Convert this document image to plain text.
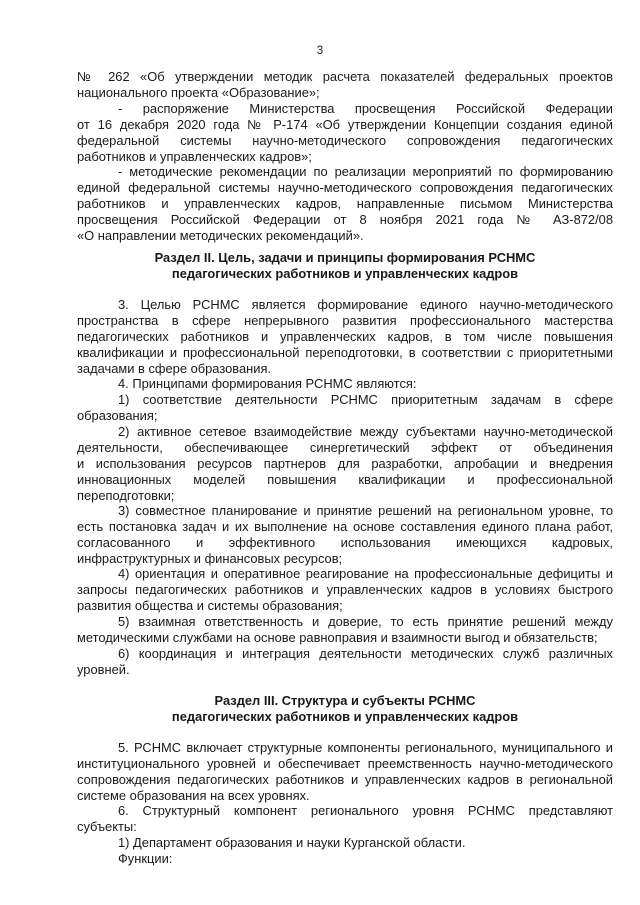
3
№ 262 «Об утверждении методик расчета показателей федеральных проектов
национального проекта «Образование»;
- распоряжение Министерства просвещения Российской Федерации
от 16 декабря 2020 года № Р-174 «Об утверждении Концепции создания единой
федеральной системы научно-методического сопровождения педагогических
работников и управленческих кадров»;
- методические рекомендации по реализации мероприятий по формированию
единой федеральной системы научно-методического сопровождения педагогических
работников и управленческих кадров, направленные письмом Министерства
просвещения Российской Федерации от 8 ноября 2021 года № АЗ-872/08
«О направлении методических рекомендаций».
Раздел II. Цель, задачи и принципы формирования РСНМС
педагогических работников и управленческих кадров
3. Целью РСНМС является формирование единого научно-методического
пространства в сфере непрерывного развития профессионального мастерства
педагогических работников и управленческих кадров, в том числе повышения
квалификации и профессиональной переподготовки, в соответствии с приоритетными
задачами в сфере образования.
4. Принципами формирования РСНМС являются:
1) соответствие деятельности РСНМС приоритетным задачам в сфере
образования;
2) активное сетевое взаимодействие между субъектами научно-методической
деятельности, обеспечивающее синергетический эффект от объединения
и использования ресурсов партнеров для разработки, апробации и внедрения
инновационных моделей повышения квалификации и профессиональной
переподготовки;
3) совместное планирование и принятие решений на региональном уровне, то
есть постановка задач и их выполнение на основе составления единого плана работ,
согласованного и эффективного использования имеющихся кадровых,
инфраструктурных и финансовых ресурсов;
4) ориентация и оперативное реагирование на профессиональные дефициты и
запросы педагогических работников и управленческих кадров в условиях быстрого
развития общества и системы образования;
5) взаимная ответственность и доверие, то есть принятие решений между
методическими службами на основе равноправия и взаимности выгод и обязательств;
6) координация и интеграция деятельности методических служб различных
уровней.
Раздел III. Структура и субъекты РСНМС
педагогических работников и управленческих кадров
5. РСНМС включает структурные компоненты регионального, муниципального и
институционального уровней и обеспечивает преемственность научно-методического
сопровождения педагогических работников и управленческих кадров в региональной
системе образования на всех уровнях.
6. Структурный компонент регионального уровня РСНМС представляют
субъекты:
1) Департамент образования и науки Курганской области.
Функции:
